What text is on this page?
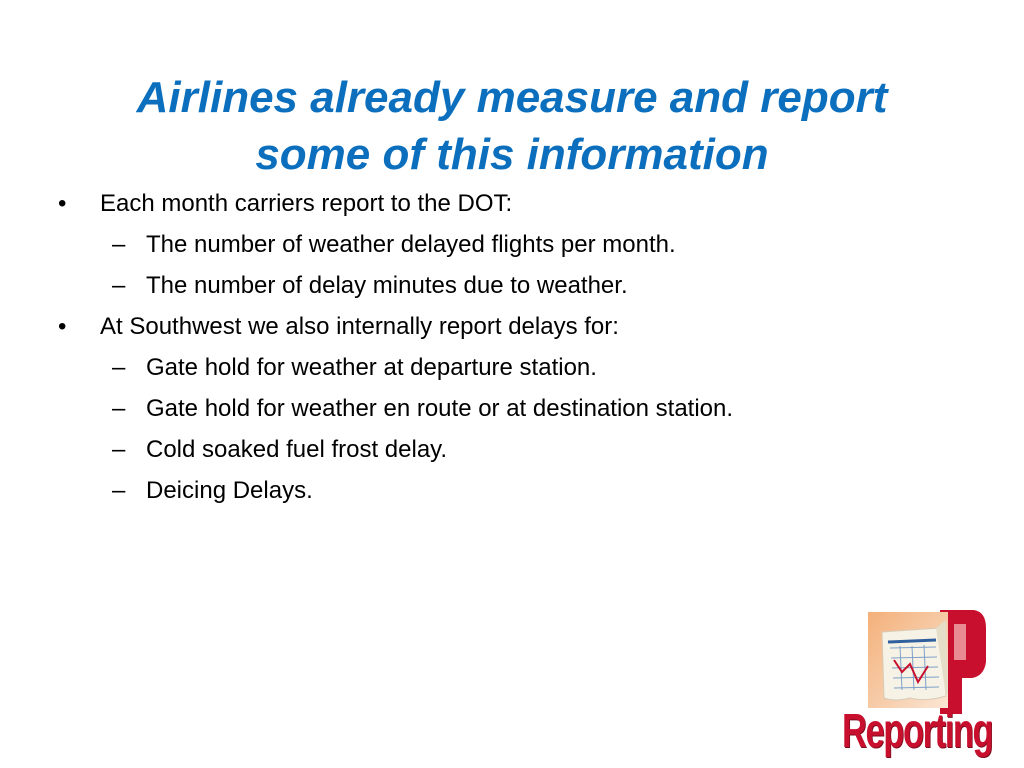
Airlines already measure and report
some of this information
• Each month carriers report to the DOT:
– The number of weather delayed flights per month.
– The number of delay minutes due to weather.
• At Southwest we also internally report delays for:
– Gate hold for weather at departure station.
– Gate hold for weather en route or at destination station.
– Cold soaked fuel frost delay.
– Deicing Delays.
Reporting
